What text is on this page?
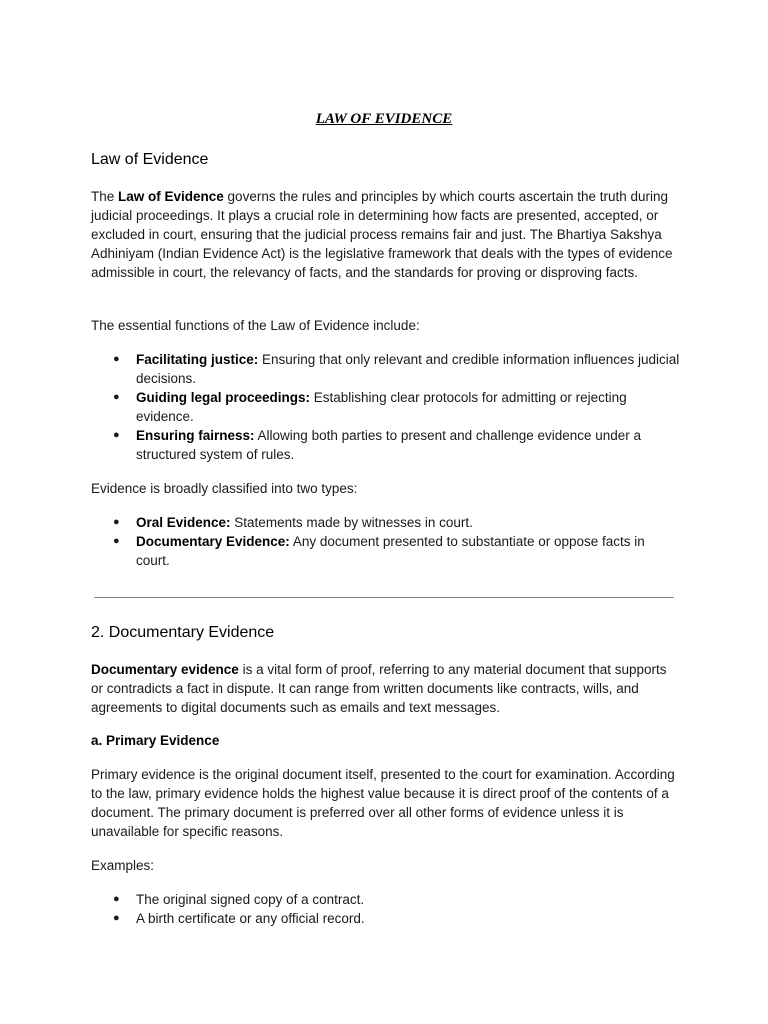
LAW OF EVIDENCE
Law of Evidence

The Law of Evidence governs the rules and principles by which courts ascertain the truth during judicial proceedings. It plays a crucial role in determining how facts are presented, accepted, or excluded in court, ensuring that the judicial process remains fair and just. The Bhartiya Sakshya Adhiniyam (Indian Evidence Act) is the legislative framework that deals with the types of evidence admissible in court, the relevancy of facts, and the standards for proving or disproving facts.

The essential functions of the Law of Evidence include:

● Facilitating justice: Ensuring that only relevant and credible information influences judicial decisions.
● Guiding legal proceedings: Establishing clear protocols for admitting or rejecting evidence.
● Ensuring fairness: Allowing both parties to present and challenge evidence under a structured system of rules.

Evidence is broadly classified into two types:

● Oral Evidence: Statements made by witnesses in court.
● Documentary Evidence: Any document presented to substantiate or oppose facts in court.
2. Documentary Evidence

Documentary evidence is a vital form of proof, referring to any material document that supports or contradicts a fact in dispute. It can range from written documents like contracts, wills, and agreements to digital documents such as emails and text messages.

a. Primary Evidence

Primary evidence is the original document itself, presented to the court for examination. According to the law, primary evidence holds the highest value because it is direct proof of the contents of a document. The primary document is preferred over all other forms of evidence unless it is unavailable for specific reasons.

Examples:

● The original signed copy of a contract.
● A birth certificate or any official record.
